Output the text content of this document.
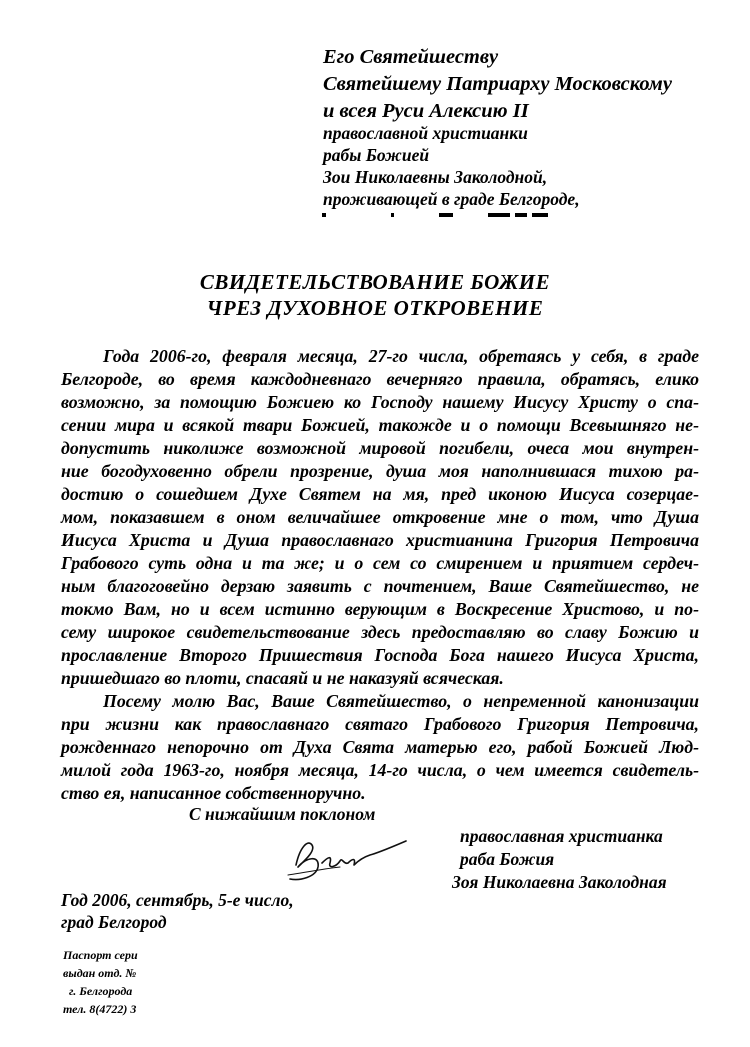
Его Святейшеству
Святейшему Патриарху Московскому
и всея Руси Алексию II
православной христианки
рабы Божией
Зои Николаевны Заколодной,
проживающей в граде Белгороде,
СВИДЕТЕЛЬСТВОВАНИЕ БОЖИЕ
ЧРЕЗ ДУХОВНОЕ ОТКРОВЕНИЕ
Года 2006-го, февраля месяца, 27-го числа, обретаясь у себя, в граде
Белгороде, во время каждодневнаго вечерняго правила, обратясь, елико
возможно, за помощию Божиею ко Господу нашему Иисусу Христу о спа-
сении мира и всякой твари Божией, такожде и о помощи Всевышняго не-
допустить николиже возможной мировой погибели, очеса мои внутрен-
ние богодуховенно обрели прозрение, душа моя наполнившася тихою ра-
достию о сошедшем Духе Святем на мя, пред иконою Иисуса созерцае-
мом, показавшем в оном величайшее откровение мне о том, что Душа
Иисуса Христа и Душа православнаго христианина Григория Петровича
Грабового суть одна и та же; и о сем со смирением и приятием сердеч-
ным благоговейно дерзаю заявить с почтением, Ваше Святейшество, не
токмо Вам, но и всем истинно верующим в Воскресение Христово, и по-
сему широкое свидетельствование здесь предоставляю во славу Божию и
прославление Второго Пришествия Господа Бога нашего Иисуса Христа,
пришедшаго во плоти, спасаяй и не наказуяй всяческая.
Посему молю Вас, Ваше Святейшество, о непременной канонизации
при жизни как православнаго святаго Грабового Григория Петровича,
рожденнаго непорочно от Духа Свята матерью его, рабой Божией Люд-
милой года 1963-го, ноября месяца, 14-го числа, о чем имеется свидетель-
ство ея, написанное собственноручно.
С нижайшим поклоном
православная христианка
раба Божия
Зоя Николаевна Заколодная
Год 2006, сентябрь, 5-е число,
град Белгород
Паспорт сери
выдан отд. №
г. Белгорода
тел. 8(4722) 3
